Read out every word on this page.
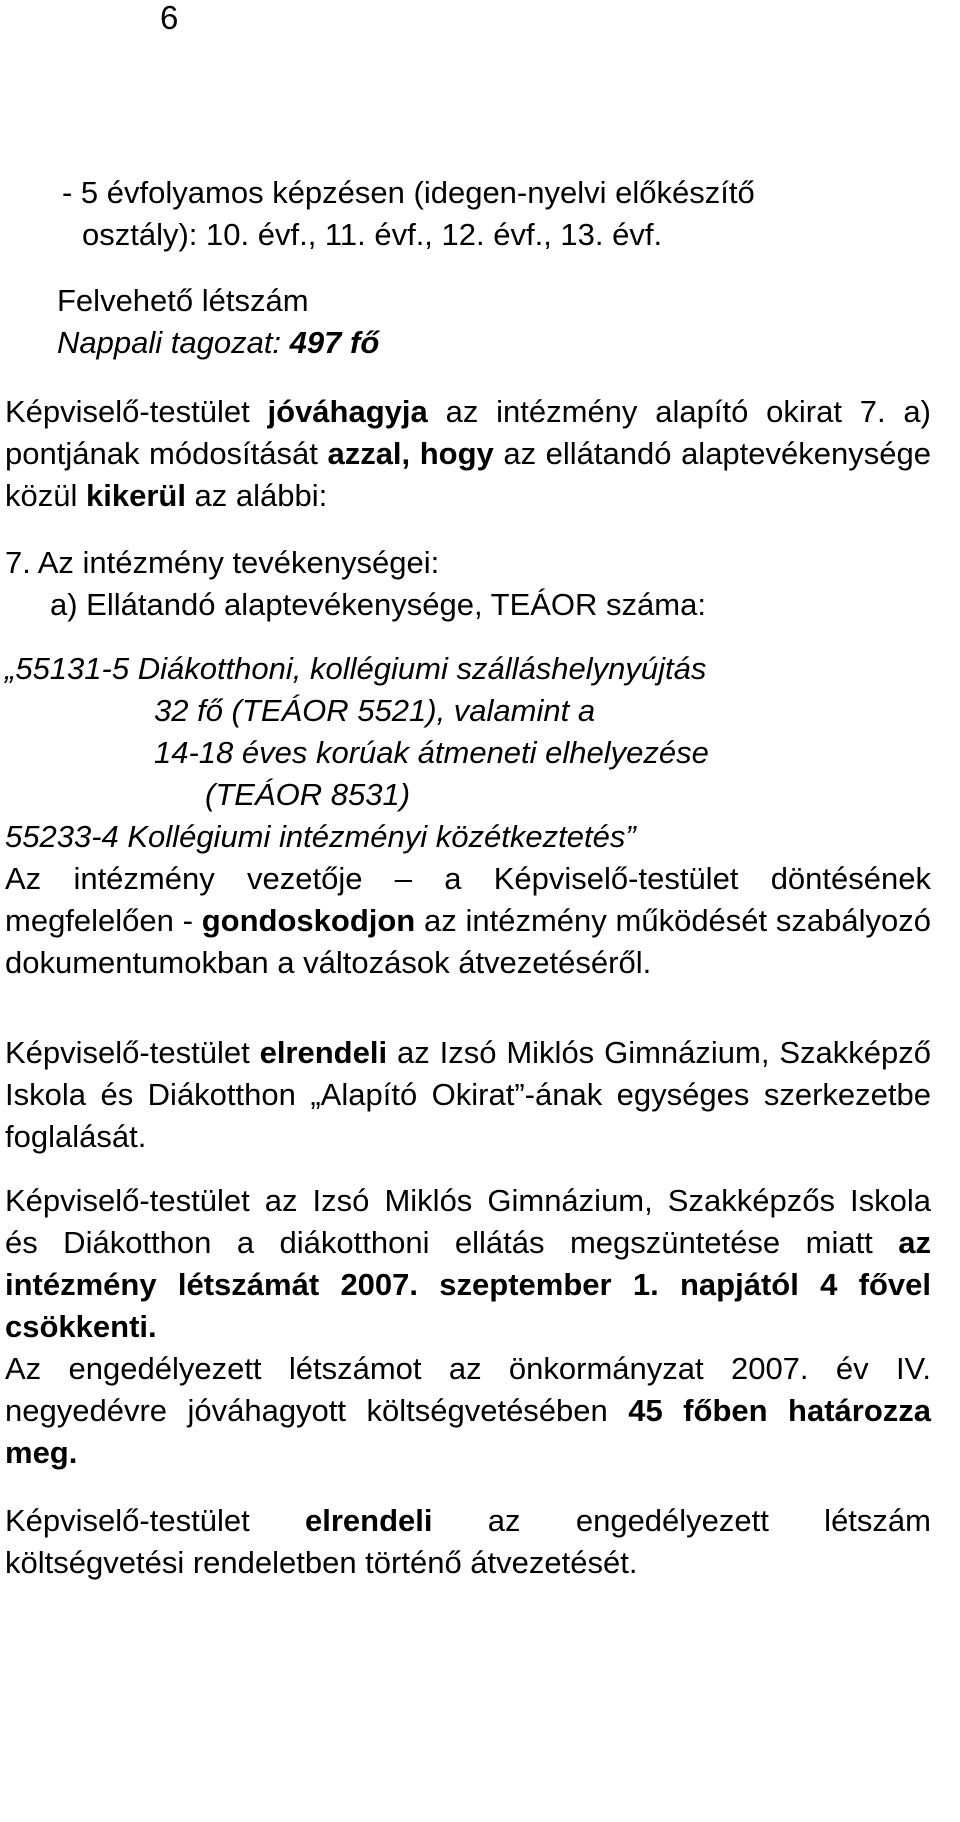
6
- 5 évfolyamos képzésen (idegen-nyelvi előkészítő
osztály): 10. évf., 11. évf., 12. évf., 13. évf.
Felvehető létszám
Nappali tagozat: 497 fő
Képviselő-testület jóváhagyja az intézmény alapító okirat 7. a) pontjának módosítását azzal, hogy az ellátandó alaptevékenysége közül kikerül az alábbi:
7. Az intézmény tevékenységei:
a) Ellátandó alaptevékenysége, TEÁOR száma:
„55131-5 Diákotthoni, kollégiumi szálláshelynyújtás
32 fő (TEÁOR 5521), valamint a
14-18 éves korúak átmeneti elhelyezése
(TEÁOR 8531)
55233-4 Kollégiumi intézményi közétkeztetés”
Az intézmény vezetője – a Képviselő-testület döntésének megfelelően - gondoskodjon az intézmény működését szabályozó dokumentumokban a változások átvezetéséről.
Képviselő-testület elrendeli az Izsó Miklós Gimnázium, Szakképző Iskola és Diákotthon „Alapító Okirat”-ának egységes szerkezetbe foglalását.
Képviselő-testület az Izsó Miklós Gimnázium, Szakképzős Iskola és Diákotthon a diákotthoni ellátás megszüntetése miatt az intézmény létszámát 2007. szeptember 1. napjától 4 fővel csökkenti.
Az engedélyezett létszámot az önkormányzat 2007. év IV. negyedévre jóváhagyott költségvetésében 45 főben határozza meg.
Képviselő-testület elrendeli az engedélyezett létszám költségvetési rendeletben történő átvezetését.
